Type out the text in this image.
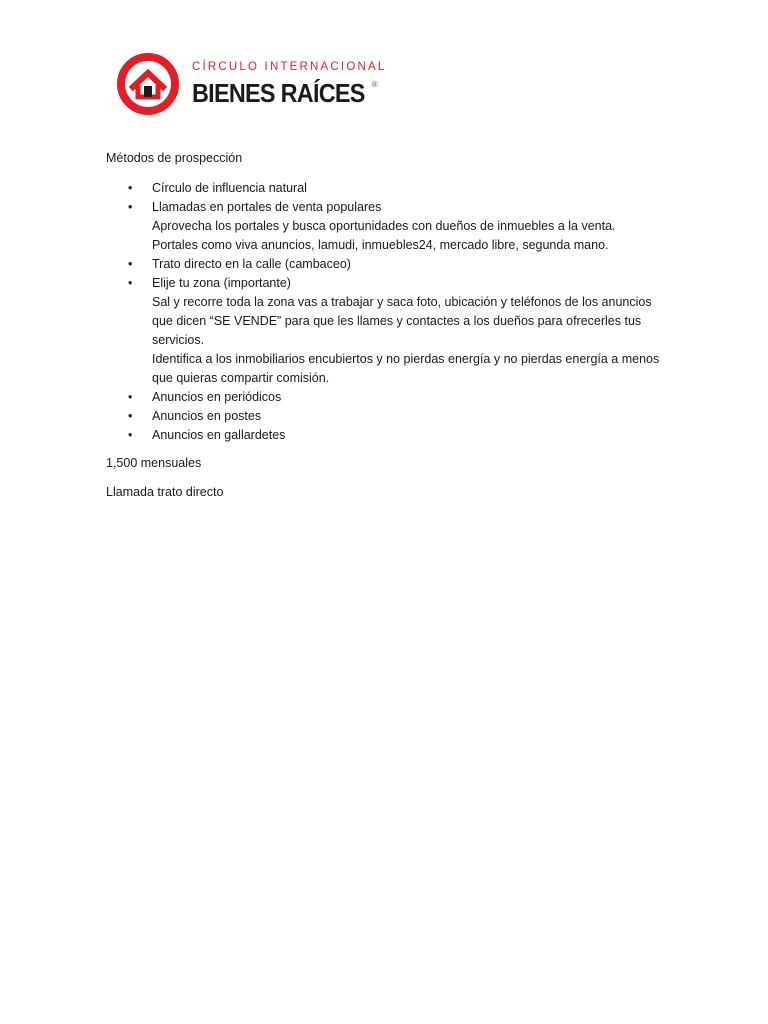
CÍRCULO INTERNACIONAL
BIENES RAÍCES ®

Métodos de prospección

• Círculo de influencia natural
• Llamadas en portales de venta populares
Aprovecha los portales y busca oportunidades con dueños de inmuebles a la venta.
Portales como viva anuncios, lamudi, inmuebles24, mercado libre, segunda mano.
• Trato directo en la calle (cambaceo)
• Elije tu zona (importante)
Sal y recorre toda la zona vas a trabajar y saca foto, ubicación y teléfonos de los anuncios que dicen “SE VENDE” para que les llames y contactes a los dueños para ofrecerles tus servicios.
Identifica a los inmobiliarios encubiertos y no pierdas energía y no pierdas energía a menos que quieras compartir comisión.
• Anuncios en periódicos
• Anuncios en postes
• Anuncios en gallardetes

1,500 mensuales

Llamada trato directo
